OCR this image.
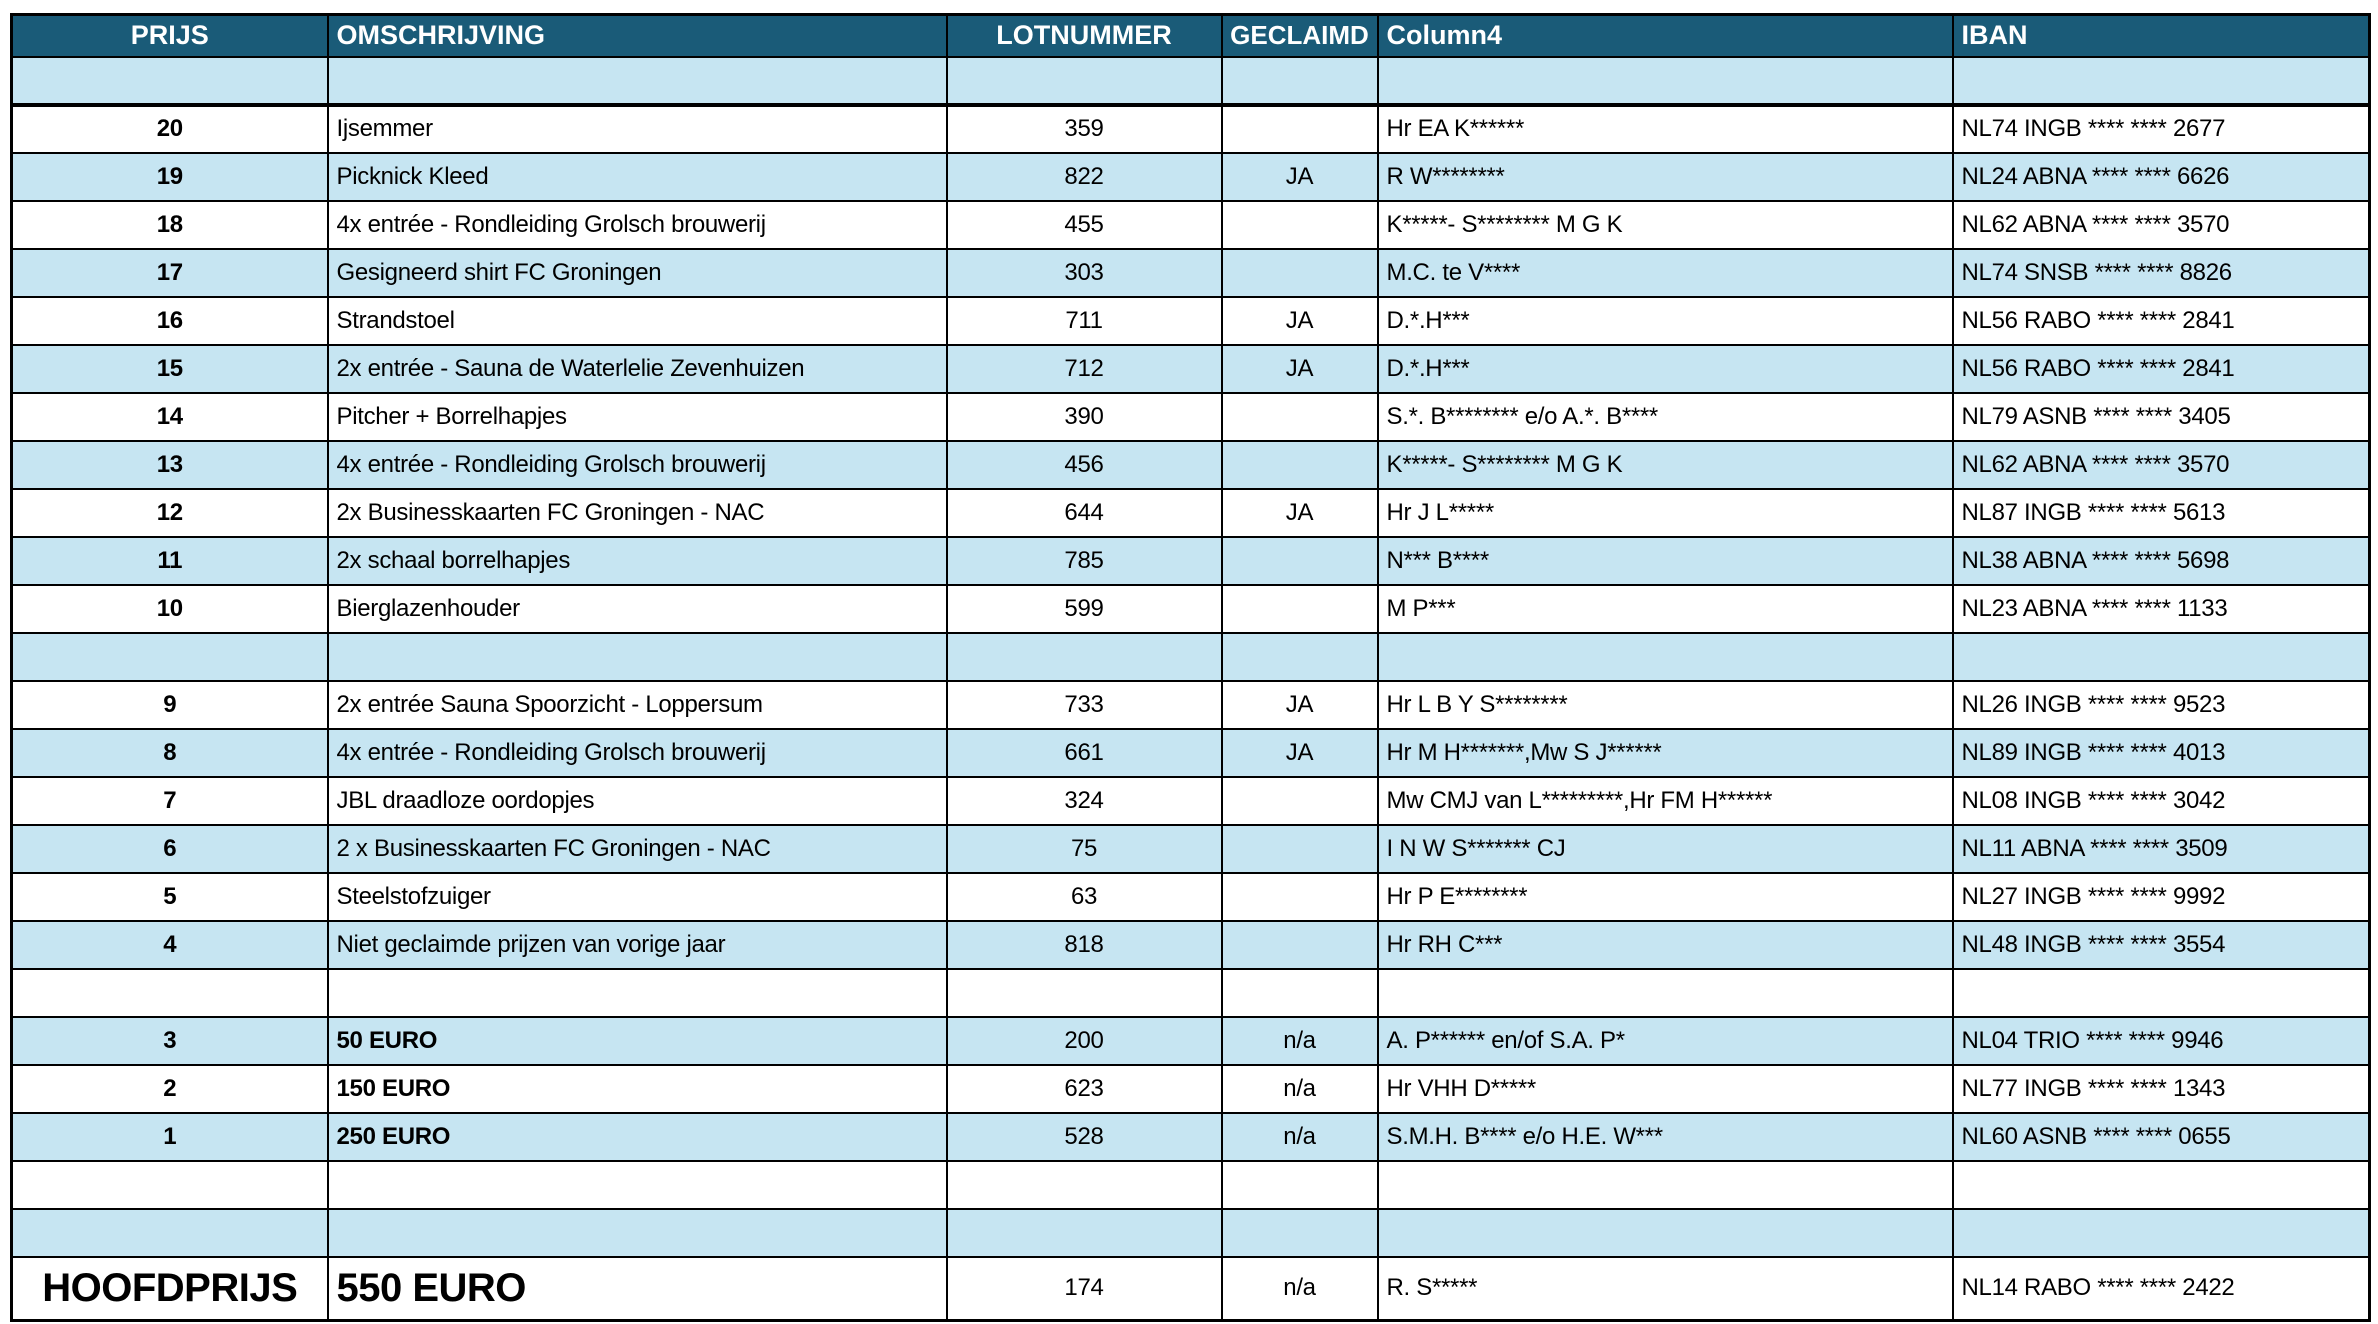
PRIJS	OMSCHRIJVING	LOTNUMMER	GECLAIMD	Column4	IBAN

20	Ijsemmer	359		Hr EA K******	NL74 INGB **** **** 2677
19	Picknick Kleed	822	JA	R W********	NL24 ABNA **** **** 6626
18	4x entrée - Rondleiding Grolsch brouwerij	455		K*****- S******** M G K	NL62 ABNA **** **** 3570
17	Gesigneerd shirt FC Groningen	303		M.C. te V****	NL74 SNSB **** **** 8826
16	Strandstoel	711	JA	D.*.H***	NL56 RABO **** **** 2841
15	2x entrée - Sauna de Waterlelie Zevenhuizen	712	JA	D.*.H***	NL56 RABO **** **** 2841
14	Pitcher + Borrelhapjes	390		S.*. B******** e/o A.*. B****	NL79 ASNB **** **** 3405
13	4x entrée - Rondleiding Grolsch brouwerij	456		K*****- S******** M G K	NL62 ABNA **** **** 3570
12	2x Businesskaarten FC Groningen - NAC	644	JA	Hr J L*****	NL87 INGB **** **** 5613
11	2x schaal borrelhapjes	785		N*** B****	NL38 ABNA **** **** 5698
10	Bierglazenhouder	599		M P***	NL23 ABNA **** **** 1133

9	2x entrée Sauna Spoorzicht - Loppersum	733	JA	Hr L B Y S********	NL26 INGB **** **** 9523
8	4x entrée - Rondleiding Grolsch brouwerij	661	JA	Hr M H*******,Mw S J******	NL89 INGB **** **** 4013
7	JBL draadloze oordopjes	324		Mw CMJ van L*********,Hr FM H******	NL08 INGB **** **** 3042
6	2 x Businesskaarten FC Groningen - NAC	75		I N W S******* CJ	NL11 ABNA **** **** 3509
5	Steelstofzuiger	63		Hr P E********	NL27 INGB **** **** 9992
4	Niet geclaimde prijzen van vorige jaar	818		Hr RH C***	NL48 INGB **** **** 3554

3	50 EURO	200	n/a	A. P****** en/of S.A. P*	NL04 TRIO **** **** 9946
2	150 EURO	623	n/a	Hr VHH D*****	NL77 INGB **** **** 1343
1	250 EURO	528	n/a	S.M.H. B**** e/o H.E. W***	NL60 ASNB **** **** 0655

HOOFDPRIJS	550 EURO	174	n/a	R. S*****	NL14 RABO **** **** 2422
